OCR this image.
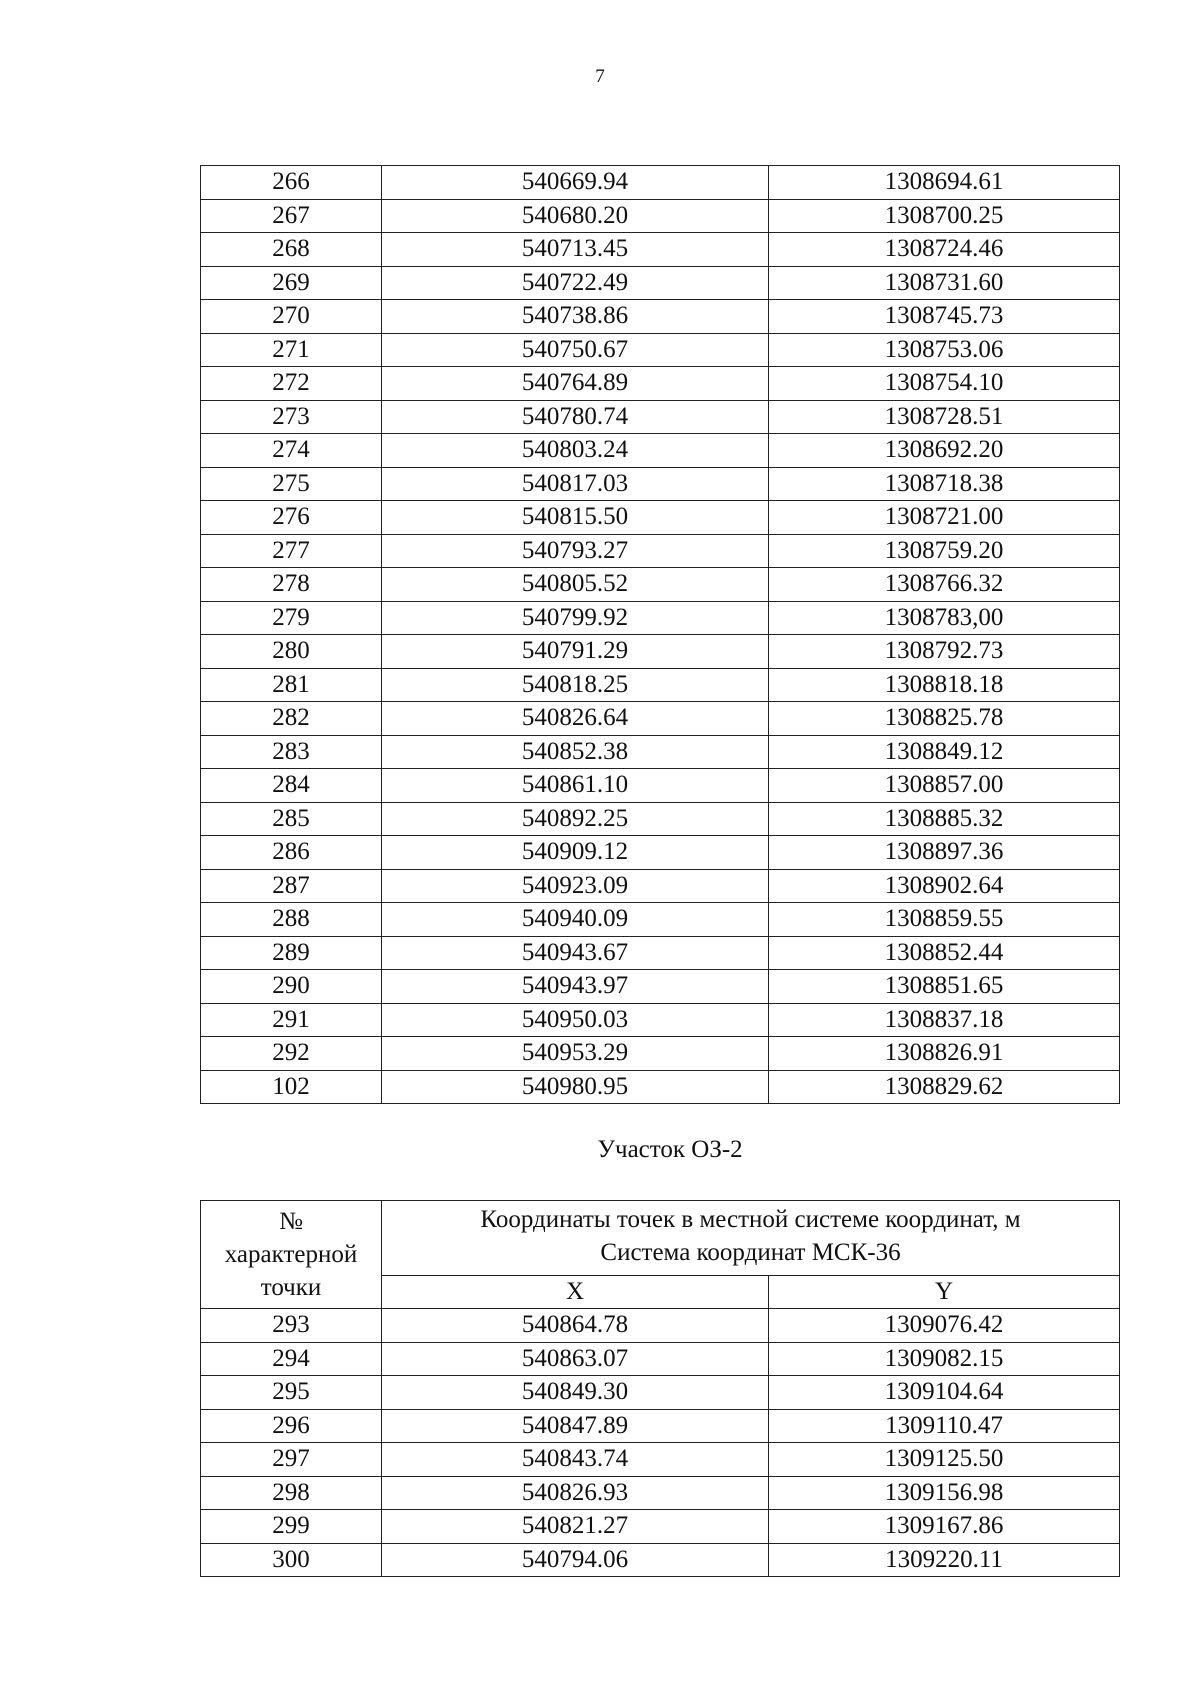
7
266	540669.94	1308694.61
267	540680.20	1308700.25
268	540713.45	1308724.46
269	540722.49	1308731.60
270	540738.86	1308745.73
271	540750.67	1308753.06
272	540764.89	1308754.10
273	540780.74	1308728.51
274	540803.24	1308692.20
275	540817.03	1308718.38
276	540815.50	1308721.00
277	540793.27	1308759.20
278	540805.52	1308766.32
279	540799.92	1308783,00
280	540791.29	1308792.73
281	540818.25	1308818.18
282	540826.64	1308825.78
283	540852.38	1308849.12
284	540861.10	1308857.00
285	540892.25	1308885.32
286	540909.12	1308897.36
287	540923.09	1308902.64
288	540940.09	1308859.55
289	540943.67	1308852.44
290	540943.97	1308851.65
291	540950.03	1308837.18
292	540953.29	1308826.91
102	540980.95	1308829.62
Участок ОЗ-2
№
характерной
точки	Координаты точек в местной системе координат, м
Система координат МСК-36	

	X	Y
293	540864.78	1309076.42
294	540863.07	1309082.15
295	540849.30	1309104.64
296	540847.89	1309110.47
297	540843.74	1309125.50
298	540826.93	1309156.98
299	540821.27	1309167.86
300	540794.06	1309220.11
